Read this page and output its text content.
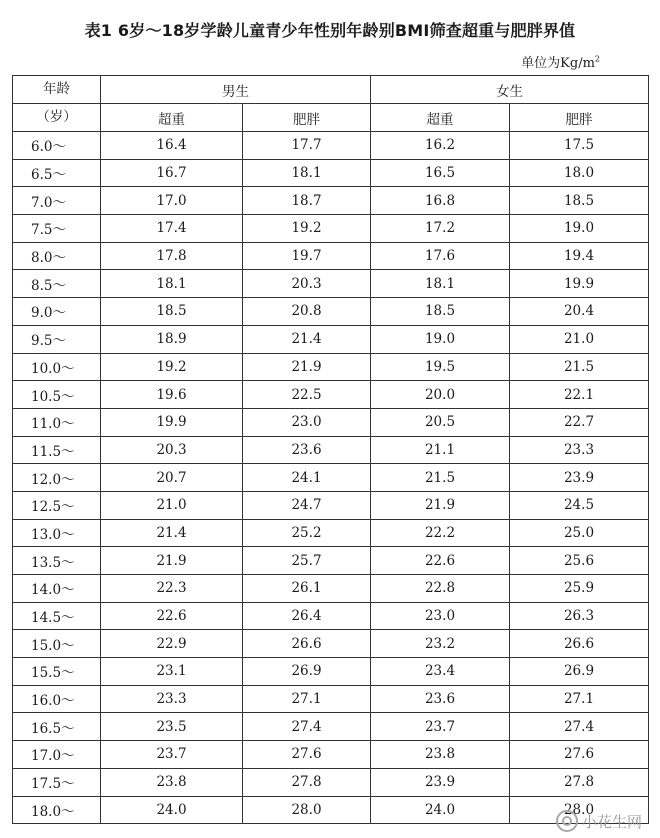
表1 6岁～18岁学龄儿童青少年性别年龄别BMI筛查超重与肥胖界值
单位为$Kg/m^2$
年龄	男生		女生	
（岁）	超重	肥胖	超重	肥胖
6.0～	16.4	17.7	16.2	17.5
6.5～	16.7	18.1	16.5	18.0
7.0～	17.0	18.7	16.8	18.5
7.5～	17.4	19.2	17.2	19.0
8.0～	17.8	19.7	17.6	19.4
8.5～	18.1	20.3	18.1	19.9
9.0～	18.5	20.8	18.5	20.4
9.5～	18.9	21.4	19.0	21.0
10.0～	19.2	21.9	19.5	21.5
10.5～	19.6	22.5	20.0	22.1
11.0～	19.9	23.0	20.5	22.7
11.5～	20.3	23.6	21.1	23.3
12.0～	20.7	24.1	21.5	23.9
12.5～	21.0	24.7	21.9	24.5
13.0～	21.4	25.2	22.2	25.0
13.5～	21.9	25.7	22.6	25.6
14.0～	22.3	26.1	22.8	25.9
14.5～	22.6	26.4	23.0	26.3
15.0～	22.9	26.6	23.2	26.6
15.5～	23.1	26.9	23.4	26.9
16.0～	23.3	27.1	23.6	27.1
16.5～	23.5	27.4	23.7	27.4
17.0～	23.7	27.6	23.8	27.6
17.5～	23.8	27.8	23.9	27.8
18.0～	24.0	28.0	24.0	28.0
小花生网
